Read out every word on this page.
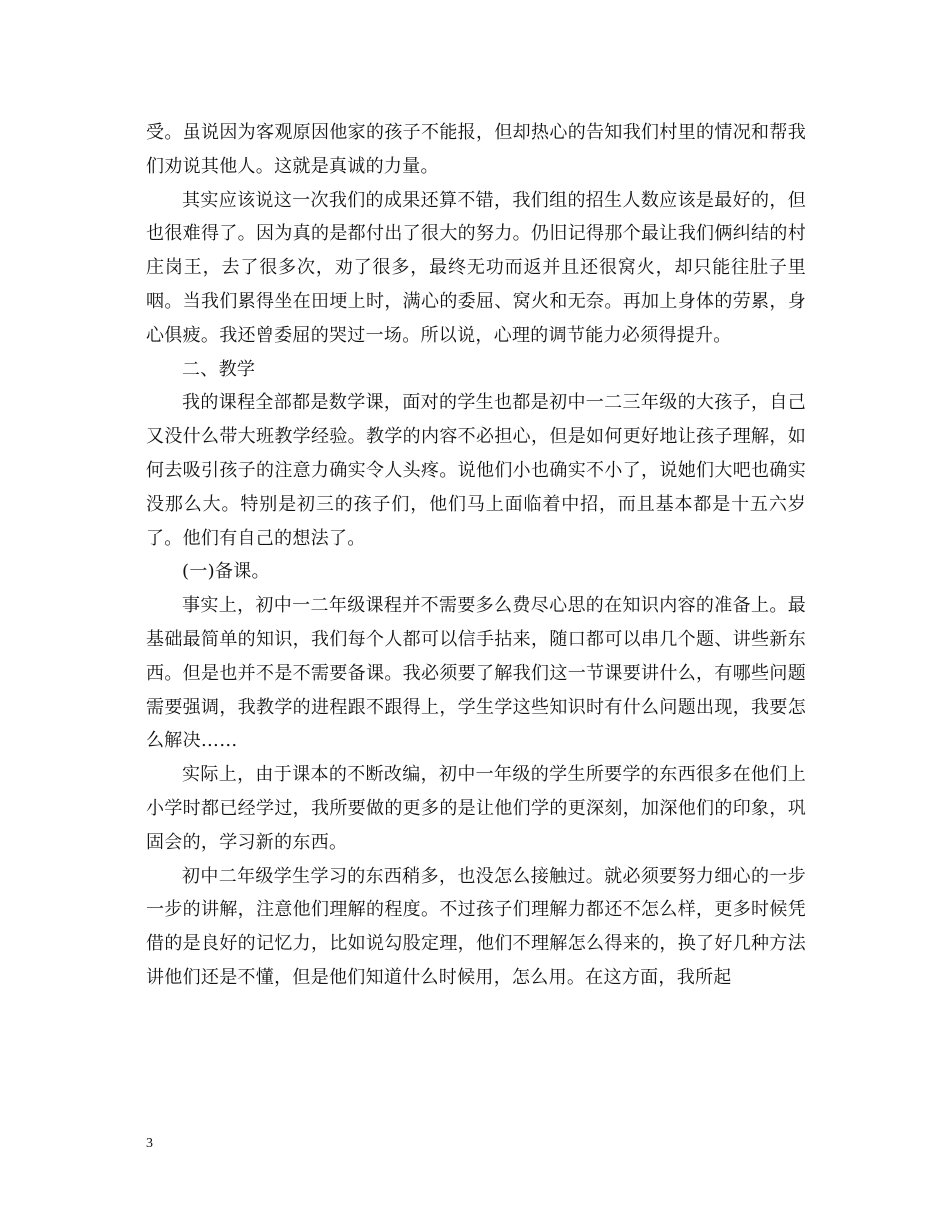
受。虽说因为客观原因他家的孩子不能报，但却热心的告知我们村里的情况和帮我们劝说其他人。这就是真诚的力量。

其实应该说这一次我们的成果还算不错，我们组的招生人数应该是最好的，但也很难得了。因为真的是都付出了很大的努力。仍旧记得那个最让我们俩纠结的村庄岗王，去了很多次，劝了很多，最终无功而返并且还很窝火，却只能往肚子里咽。当我们累得坐在田埂上时，满心的委屈、窝火和无奈。再加上身体的劳累，身心俱疲。我还曾委屈的哭过一场。所以说，心理的调节能力必须得提升。

二、教学

我的课程全部都是数学课，面对的学生也都是初中一二三年级的大孩子，自己又没什么带大班教学经验。教学的内容不必担心，但是如何更好地让孩子理解，如何去吸引孩子的注意力确实令人头疼。说他们小也确实不小了，说她们大吧也确实没那么大。特别是初三的孩子们，他们马上面临着中招，而且基本都是十五六岁了。他们有自己的想法了。

(一)备课。

事实上，初中一二年级课程并不需要多么费尽心思的在知识内容的准备上。最基础最简单的知识，我们每个人都可以信手拈来，随口都可以串几个题、讲些新东西。但是也并不是不需要备课。我必须要了解我们这一节课要讲什么，有哪些问题需要强调，我教学的进程跟不跟得上，学生学这些知识时有什么问题出现，我要怎么解决……

实际上，由于课本的不断改编，初中一年级的学生所要学的东西很多在他们上小学时都已经学过，我所要做的更多的是让他们学的更深刻，加深他们的印象，巩固会的，学习新的东西。

初中二年级学生学习的东西稍多，也没怎么接触过。就必须要努力细心的一步一步的讲解，注意他们理解的程度。不过孩子们理解力都还不怎么样，更多时候凭借的是良好的记忆力，比如说勾股定理，他们不理解怎么得来的，换了好几种方法讲他们还是不懂，但是他们知道什么时候用，怎么用。在这方面，我所起

3
